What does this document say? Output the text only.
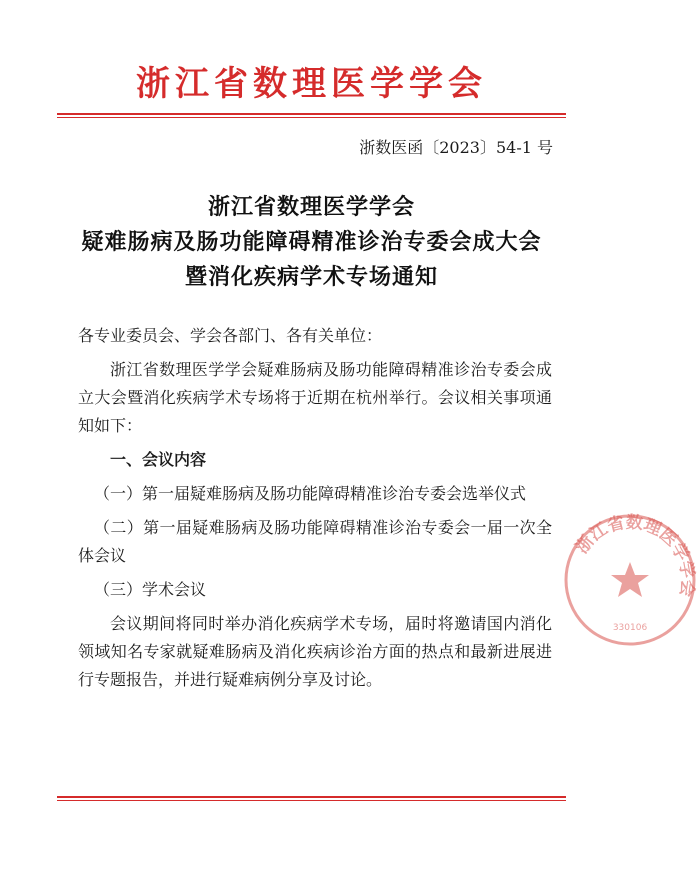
浙江省数理医学学会
浙数医函〔2023〕54-1 号
浙江省数理医学学会
疑难肠病及肠功能障碍精准诊治专委会成大会
暨消化疾病学术专场通知

各专业委员会、学会各部门、各有关单位：

浙江省数理医学学会疑难肠病及肠功能障碍精准诊治专委会成立大会暨消化疾病学术专场将于近期在杭州举行。会议相关事项通知如下：

一、会议内容

（一）第一届疑难肠病及肠功能障碍精准诊治专委会选举仪式

（二）第一届疑难肠病及肠功能障碍精准诊治专委会一届一次全体会议

（三）学术会议

会议期间将同时举办消化疾病学术专场，届时将邀请国内消化领域知名专家就疑难肠病及消化疾病诊治方面的热点和最新进展进行专题报告，并进行疑难病例分享及讨论。

浙江省数理医学学会
330106
